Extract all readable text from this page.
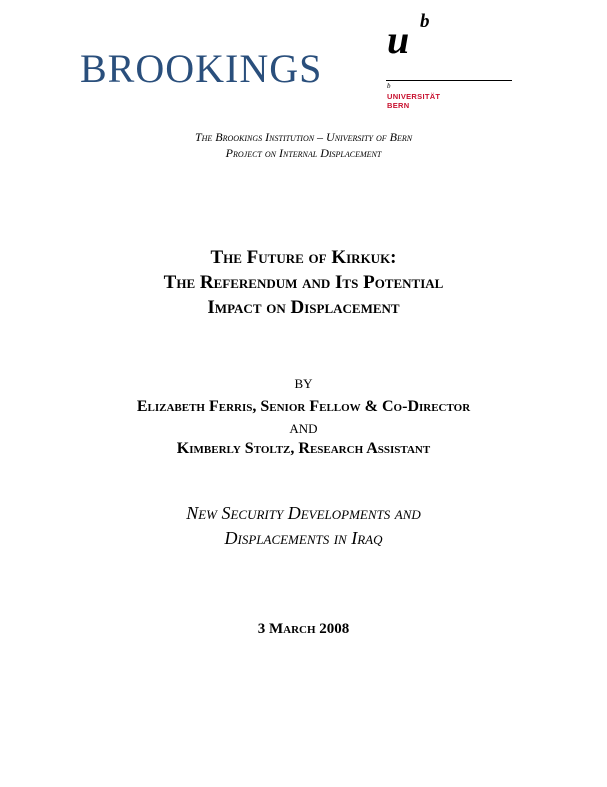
BROOKINGS
u b
b
UNIVERSITÄT
BERN
The Brookings Institution – University of Bern
Project on Internal Displacement
The Future of Kirkuk:
The Referendum and Its Potential
Impact on Displacement
BY
Elizabeth Ferris, Senior Fellow & Co-Director
AND
Kimberly Stoltz, Research Assistant
New Security Developments and
Displacements in Iraq
3 March 2008
